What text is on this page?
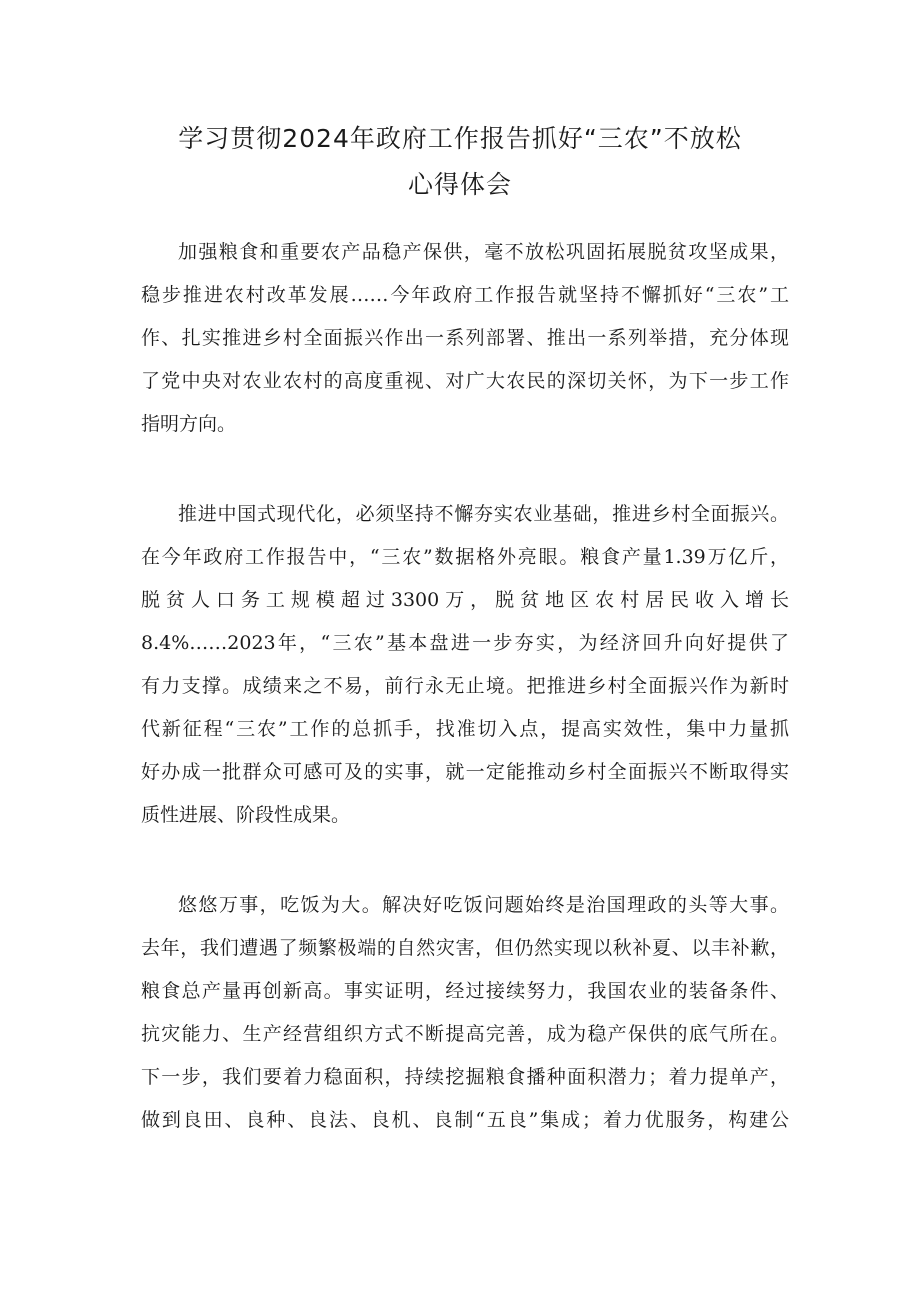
学习贯彻2024年政府工作报告抓好“三农”不放松
心得体会
加强粮食和重要农产品稳产保供，毫不放松巩固拓展脱贫攻坚成果，
稳步推进农村改革发展……今年政府工作报告就坚持不懈抓好“三农”工
作、扎实推进乡村全面振兴作出一系列部署、推出一系列举措，充分体现
了党中央对农业农村的高度重视、对广大农民的深切关怀，为下一步工作
指明方向。
推进中国式现代化，必须坚持不懈夯实农业基础，推进乡村全面振兴。
在今年政府工作报告中，“三农”数据格外亮眼。粮食产量1.39万亿斤，
脱贫人口务工规模超过3300万，脱贫地区农村居民收入增长
8.4%……2023年，“三农”基本盘进一步夯实，为经济回升向好提供了
有力支撑。成绩来之不易，前行永无止境。把推进乡村全面振兴作为新时
代新征程“三农”工作的总抓手，找准切入点，提高实效性，集中力量抓
好办成一批群众可感可及的实事，就一定能推动乡村全面振兴不断取得实
质性进展、阶段性成果。
悠悠万事，吃饭为大。解决好吃饭问题始终是治国理政的头等大事。
去年，我们遭遇了频繁极端的自然灾害，但仍然实现以秋补夏、以丰补歉，
粮食总产量再创新高。事实证明，经过接续努力，我国农业的装备条件、
抗灾能力、生产经营组织方式不断提高完善，成为稳产保供的底气所在。
下一步，我们要着力稳面积，持续挖掘粮食播种面积潜力；着力提单产，
做到良田、良种、良法、良机、良制“五良”集成；着力优服务，构建公
